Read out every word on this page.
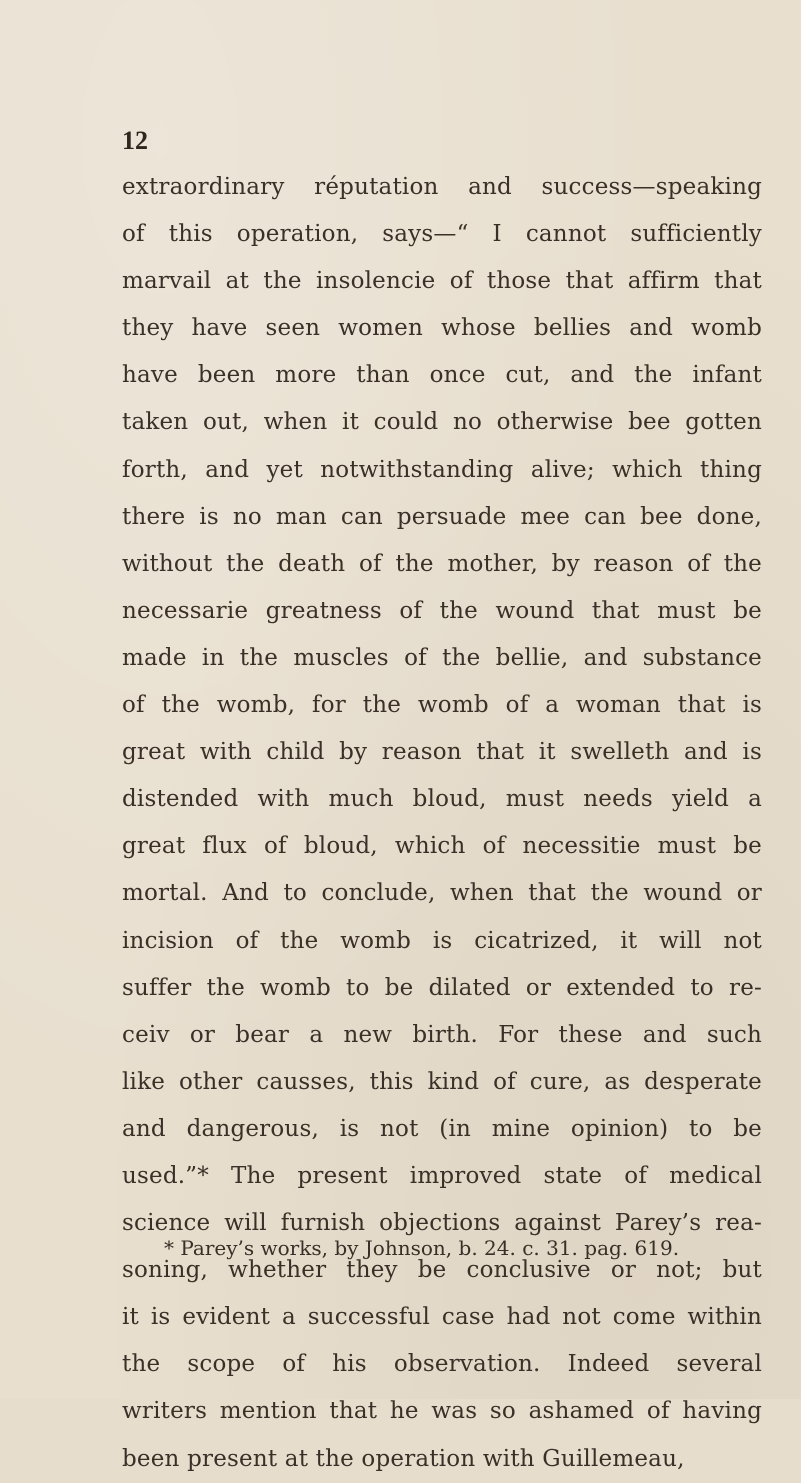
12
extraordinary réputation and success—speaking
of this operation, says—“ I cannot sufficiently
marvail at the insolencie of those that affirm that
they have seen women whose bellies and womb
have been more than once cut, and the infant
taken out, when it could no otherwise bee gotten
forth, and yet notwithstanding alive; which thing
there is no man can persuade mee can bee done,
without the death of the mother, by reason of the
necessarie greatness of the wound that must be
made in the muscles of the bellie, and substance
of the womb, for the womb of a woman that is
great with child by reason that it swelleth and is
distended with much bloud, must needs yield a
great flux of bloud, which of necessitie must be
mortal. And to conclude, when that the wound or
incision of the womb is cicatrized, it will not
suffer the womb to be dilated or extended to re-
ceiv or bear a new birth. For these and such
like other causses, this kind of cure, as desperate
and dangerous, is not (in mine opinion) to be
used.”* The present improved state of medical
science will furnish objections against Parey’s rea-
soning, whether they be conclusive or not; but
it is evident a successful case had not come within
the scope of his observation. Indeed several
writers mention that he was so ashamed of having
been present at the operation with Guillemeau,
* Parey’s works, by Johnson, b. 24. c. 31. pag. 619.
